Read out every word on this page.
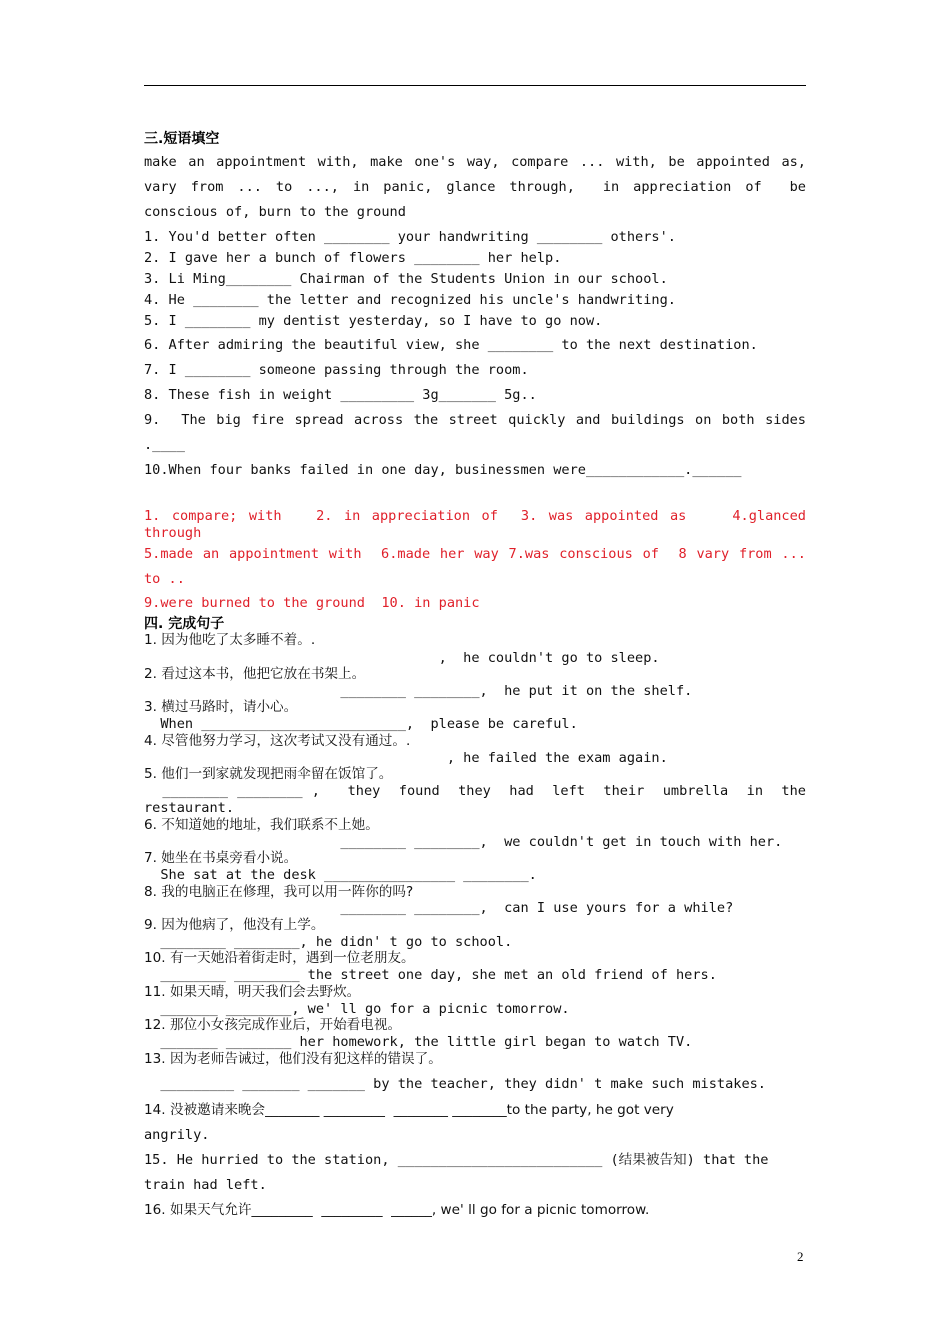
三.短语填空
make an appointment with, make one's way, compare ... with, be appointed as,
vary from ... to ..., in panic, glance through,  in appreciation of  be
conscious of, burn to the ground
1. You'd better often ________ your handwriting ________ others'.
2. I gave her a bunch of flowers ________ her help.
3. Li Ming________ Chairman of the Students Union in our school.
4. He ________ the letter and recognized his uncle's handwriting.
5. I ________ my dentist yesterday, so I have to go now.
6. After admiring the beautiful view, she ________ to the next destination.
7. I ________ someone passing through the room.
8. These fish in weight _________ 3g_______ 5g..
9.  The big fire spread across the street quickly and buildings on both sides
.____
10.When four banks failed in one day, businessmen were____________.______
1. compare; with   2. in appreciation of  3. was appointed as    4.glanced
through
5.made an appointment with  6.made her way 7.was conscious of  8 vary from ...
to ..
9.were burned to the ground  10. in panic
四. 完成句子
1. 因为他吃了太多睡不着。.
,  he couldn't go to sleep.
2. 看过这本书，他把它放在书架上。
________ ________,  he put it on the shelf.
3. 横过马路时，请小心。
When _________________________,  please be careful.
4. 尽管他努力学习，这次考试又没有通过。.
, he failed the exam again.
5. 他们一到家就发现把雨伞留在饭馆了。
________ ________ ,   they  found  they  had  left  their  umbrella  in  the
restaurant.
6. 不知道她的地址，我们联系不上她。
________ ________,  we couldn't get in touch with her.
7. 她坐在书桌旁看小说。
She sat at the desk ________________ ________.
8. 我的电脑正在修理，我可以用一阵你的吗?
________ ________,  can I use yours for a while?
9. 因为他病了，他没有上学。
________ ________, he didn' t go to school.
10. 有一天她沿着街走时，遇到一位老朋友。
________ ________ the street one day, she met an old friend of hers.
11. 如果天晴，明天我们会去野炊。
_______ ________, we' ll go for a picnic tomorrow.
12. 那位小女孩完成作业后，开始看电视。
_______ ________ her homework, the little girl began to watch TV.
13. 因为老师告诫过，他们没有犯这样的错误了。
_________ _______ _______ by the teacher, they didn' t make such mistakes.
14. 没被邀请来晚会________ _________  ________ ________to the party, he got very
angrily.
15. He hurried to the station, _________________________ (结果被告知) that the
train had left.
16. 如果天气允许_________  _________  ______, we' ll go for a picnic tomorrow.
2
